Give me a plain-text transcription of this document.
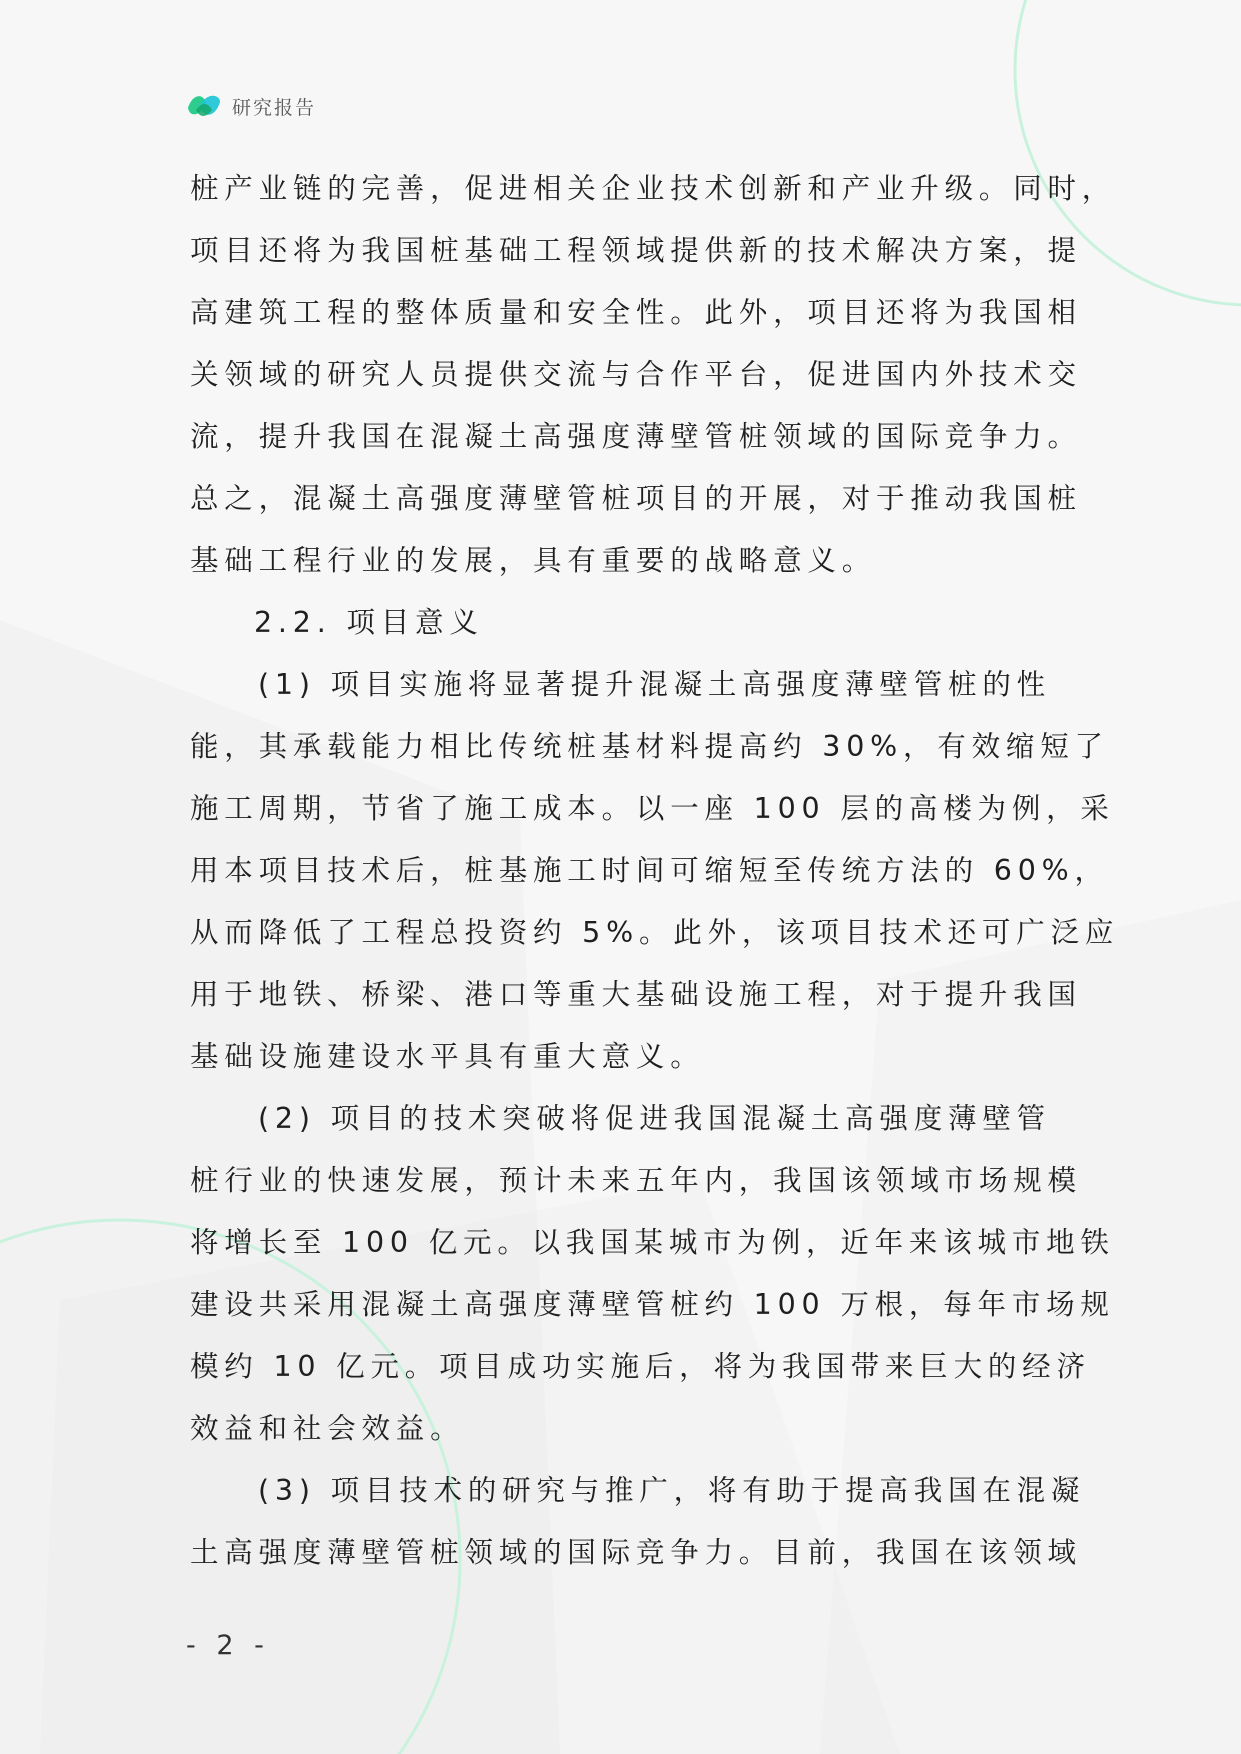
研究报告
桩产业链的完善，促进相关企业技术创新和产业升级。同时，
项目还将为我国桩基础工程领域提供新的技术解决方案，提
高建筑工程的整体质量和安全性。此外，项目还将为我国相
关领域的研究人员提供交流与合作平台，促进国内外技术交
流，提升我国在混凝土高强度薄壁管桩领域的国际竞争力。
总之，混凝土高强度薄壁管桩项目的开展，对于推动我国桩
基础工程行业的发展，具有重要的战略意义。
2.2. 项目意义
(1) 项目实施将显著提升混凝土高强度薄壁管桩的性
能，其承载能力相比传统桩基材料提高约 30%，有效缩短了
施工周期，节省了施工成本。以一座 100 层的高楼为例，采
用本项目技术后，桩基施工时间可缩短至传统方法的 60%，
从而降低了工程总投资约 5%。此外，该项目技术还可广泛应
用于地铁、桥梁、港口等重大基础设施工程，对于提升我国
基础设施建设水平具有重大意义。
(2) 项目的技术突破将促进我国混凝土高强度薄壁管
桩行业的快速发展，预计未来五年内，我国该领域市场规模
将增长至 100 亿元。以我国某城市为例，近年来该城市地铁
建设共采用混凝土高强度薄壁管桩约 100 万根，每年市场规
模约 10 亿元。项目成功实施后，将为我国带来巨大的经济
效益和社会效益。
(3) 项目技术的研究与推广，将有助于提高我国在混凝
土高强度薄壁管桩领域的国际竞争力。目前，我国在该领域
- 2 -
